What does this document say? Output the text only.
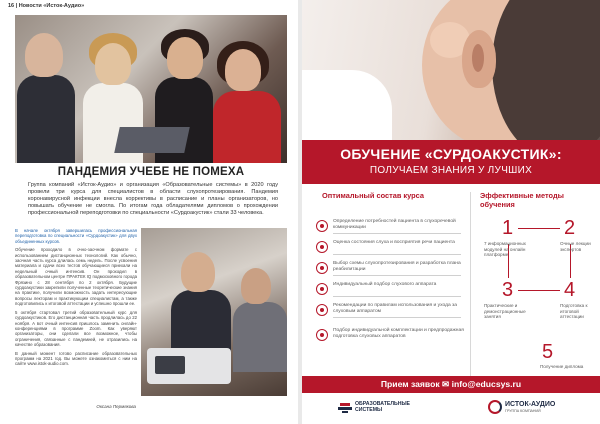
16 | Новости «Исток-Аудио»
ПАНДЕМИЯ УЧЕБЕ НЕ ПОМЕХА
Группа компаний «Исток-Аудио» и организация «Образовательные системы» в 2020 году провели три курса для специалистов в области слухопротезирования. Пандемия коронавирусной инфекции внесла коррективы в расписание и планы организаторов, но повышать обучение не смогла. По итогам года обладателями дипломов о прохождении профессиональной переподготовки по специальности «Сурдоакустик» стали 33 человека.

В начале октября завершилась профессиональная переподготовка по специальности «Сурдоакустик» для двух объединенных курсов.

Обучение проходило в очно-заочном формате с использованием дистанционных технологий. Как обычно, заочная часть курса длилась семь недель. После усвоения материала и сдачи всех тестов обучающиеся приехали на недельный очный интенсив. Он проходил в образовательном центре ПРАКТЕК IQ подмосковного города Фрязино с 28 сентября по 2 октября. Будущие сурдоакустики закрепили полученные теоретические знания на практике, получили возможность задать интересующие вопросы лекторам и практикующим специалистам, а также подготовились к итоговой аттестации и успешно прошли ее.

5 октября стартовал третий образовательный курс для сурдоакустиков. Его дистанционная часть продлилась до 22 ноября. А вот очный интенсив пришлось заменить онлайн-конференциями в программе Zoom. Как уверяют организаторы, они сделали все возможное, чтобы ограничения, связанные с пандемией, не отразились на качестве образования.

В данный момент готово расписание образовательных программ на 2021 год. Вы можете ознакомиться с ним на сайте www.istok-audio.com.

Оксана Пермякова
ОБУЧЕНИЕ «СУРДОАКУСТИК»:
ПОЛУЧАЕМ ЗНАНИЯ У ЛУЧШИХ
Оптимальный состав курса	Эффективные методы обучения
Определение потребностей пациента в слухоречевой коммуникации
Оценка состояния слуха и восприятия речи пациента
Выбор схемы слухопротезирования и разработка плана реабилитации
Индивидуальный подбор слухового аппарата
Рекомендации по правилам использования и ухода за слуховым аппаратом
Подбор индивидуальной комплектации и предпродажная подготовка слуховых аппаратов
1
7 информационных модулей на онлайн платформе
2
Очные лекции экспертов
3
Практические и демонстрационные занятия
4
Подготовка к итоговой аттестации
5
Получение диплома
Прием заявок ✉ info@educsys.ru
ОБРАЗОВАТЕЛЬНЫЕ
СИСТЕМЫ
ИСТОК-АУДИО
ГРУППА КОМПАНИЙ
